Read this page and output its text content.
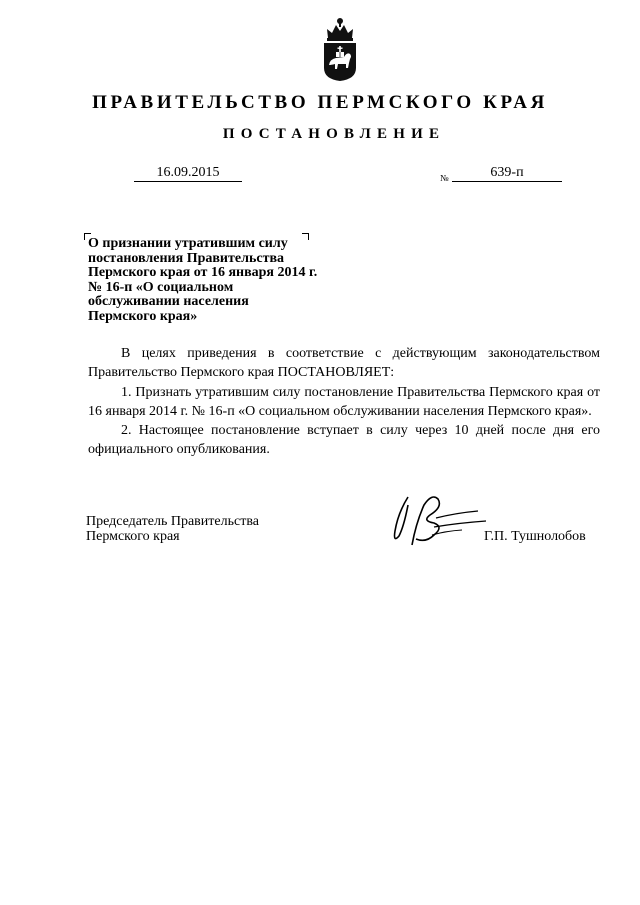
ПРАВИТЕЛЬСТВО ПЕРМСКОГО КРАЯ
ПОСТАНОВЛЕНИЕ
16.09.2015	№	639-п
О признании утратившим силу постановления Правительства Пермского края от 16 января 2014 г. № 16-п «О социальном обслуживании населения Пермского края»

В целях приведения в соответствие с действующим законодательством Правительство Пермского края ПОСТАНОВЛЯЕТ:

1. Признать утратившим силу постановление Правительства Пермского края от 16 января 2014 г. № 16-п «О социальном обслуживании населения Пермского края».

2. Настоящее постановление вступает в силу через 10 дней после дня его официального опубликования.

Председатель Правительства
Пермского края	Г.П. Тушнолобов
